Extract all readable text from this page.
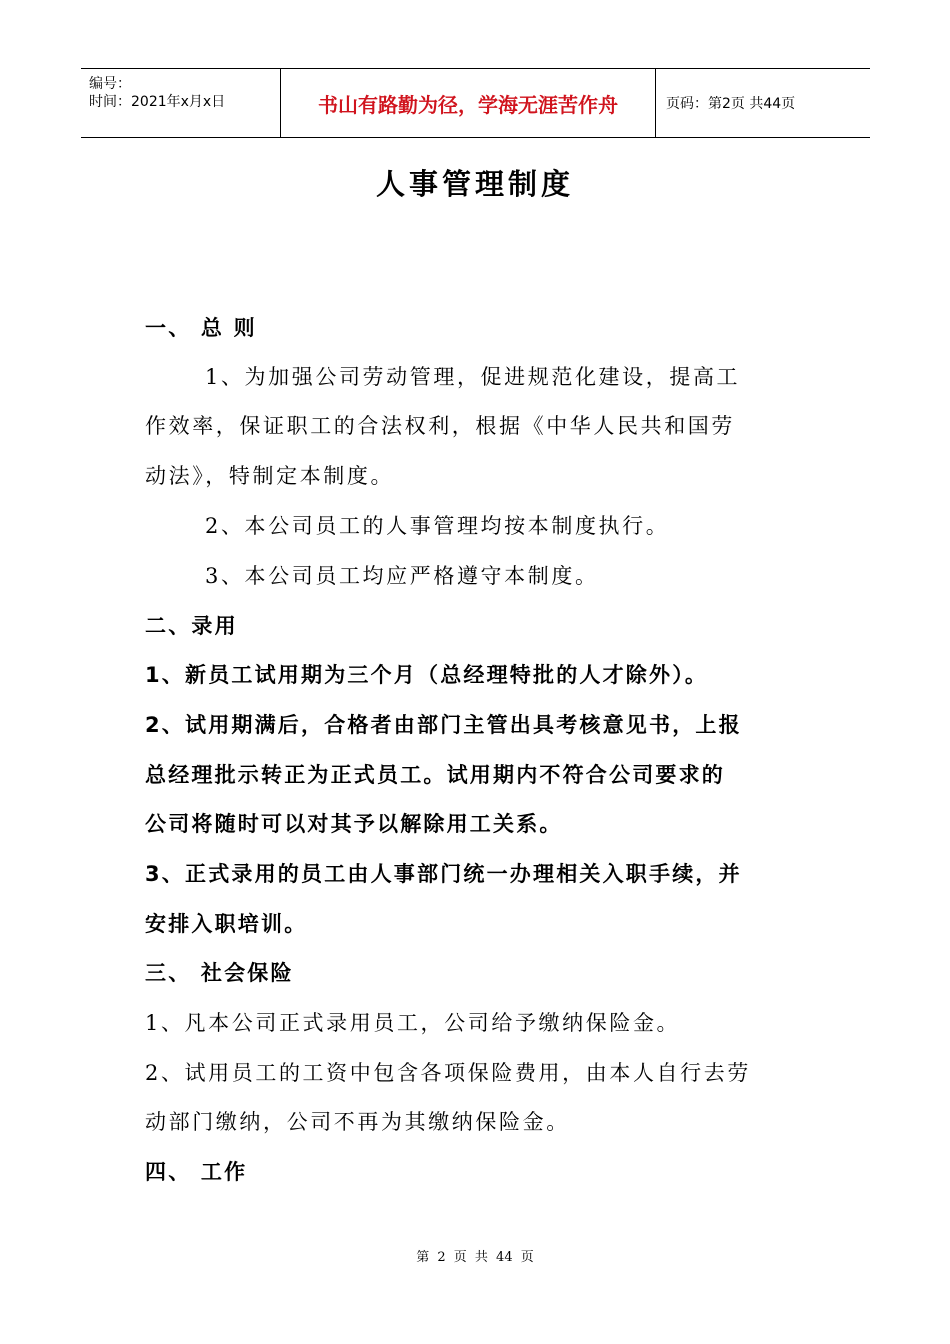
编号：
时间：2021年x月x日	书山有路勤为径，学海无涯苦作舟	页码：第2页 共44页
人事管理制度
一、 总 则
1、为加强公司劳动管理，促进规范化建设，提高工
作效率，保证职工的合法权利，根据《中华人民共和国劳
动法》，特制定本制度。
2、本公司员工的人事管理均按本制度执行。
3、本公司员工均应严格遵守本制度。
二、录用
1、新员工试用期为三个月（总经理特批的人才除外）。
2、试用期满后，合格者由部门主管出具考核意见书，上报
总经理批示转正为正式员工。试用期内不符合公司要求的
公司将随时可以对其予以解除用工关系。
3、正式录用的员工由人事部门统一办理相关入职手续，并
安排入职培训。
三、 社会保险
1、凡本公司正式录用员工，公司给予缴纳保险金。
2、试用员工的工资中包含各项保险费用，由本人自行去劳
动部门缴纳，公司不再为其缴纳保险金。
四、 工作
第 2 页 共 44 页
